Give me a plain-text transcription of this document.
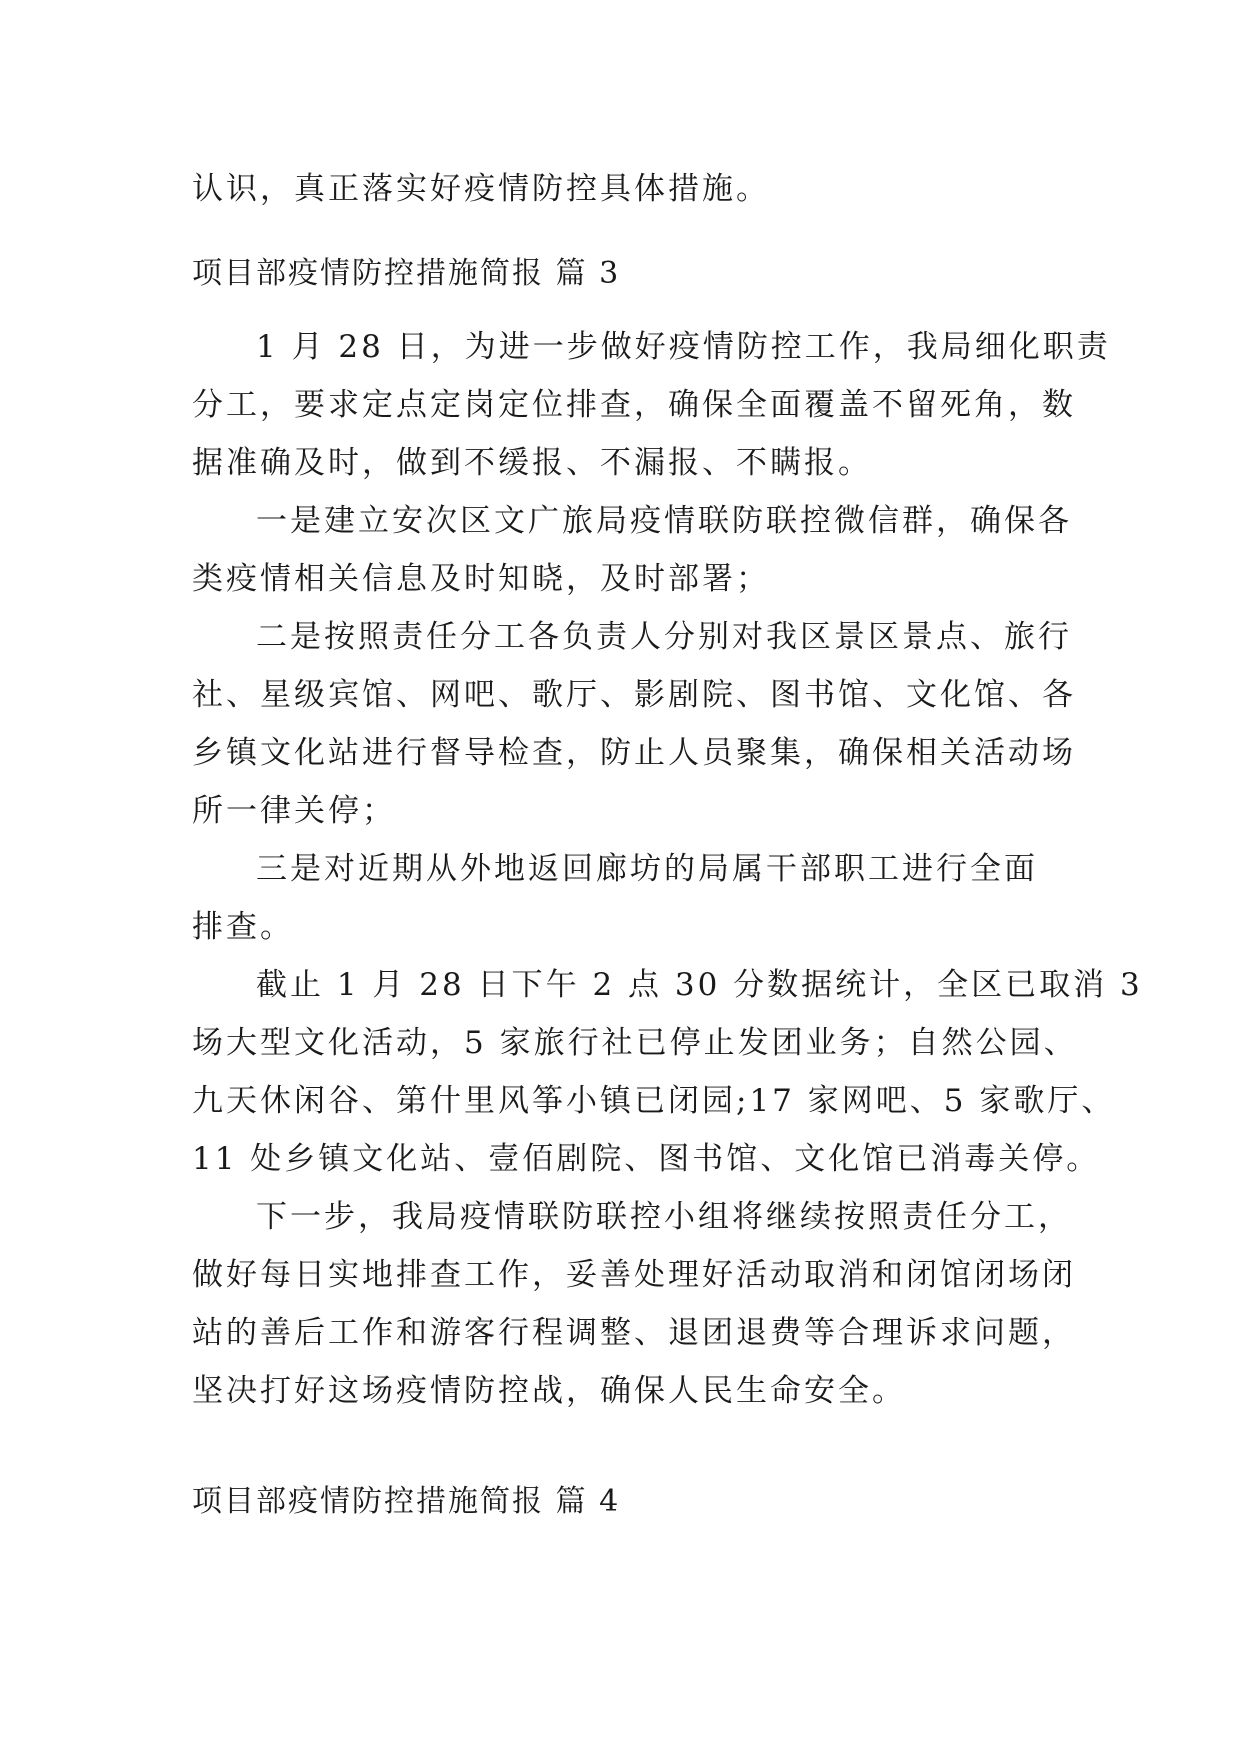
认识，真正落实好疫情防控具体措施。
项目部疫情防控措施简报 篇 3
1 月 28 日，为进一步做好疫情防控工作，我局细化职责
分工，要求定点定岗定位排查，确保全面覆盖不留死角，数
据准确及时，做到不缓报、不漏报、不瞒报。
一是建立安次区文广旅局疫情联防联控微信群，确保各
类疫情相关信息及时知晓，及时部署；
二是按照责任分工各负责人分别对我区景区景点、旅行
社、星级宾馆、网吧、歌厅、影剧院、图书馆、文化馆、各
乡镇文化站进行督导检查，防止人员聚集，确保相关活动场
所一律关停；
三是对近期从外地返回廊坊的局属干部职工进行全面
排查。
截止 1 月 28 日下午 2 点 30 分数据统计，全区已取消 3
场大型文化活动，5 家旅行社已停止发团业务；自然公园、
九天休闲谷、第什里风筝小镇已闭园;17 家网吧、5 家歌厅、
11 处乡镇文化站、壹佰剧院、图书馆、文化馆已消毒关停。
下一步，我局疫情联防联控小组将继续按照责任分工，
做好每日实地排查工作，妥善处理好活动取消和闭馆闭场闭
站的善后工作和游客行程调整、退团退费等合理诉求问题，
坚决打好这场疫情防控战，确保人民生命安全。
项目部疫情防控措施简报 篇 4
